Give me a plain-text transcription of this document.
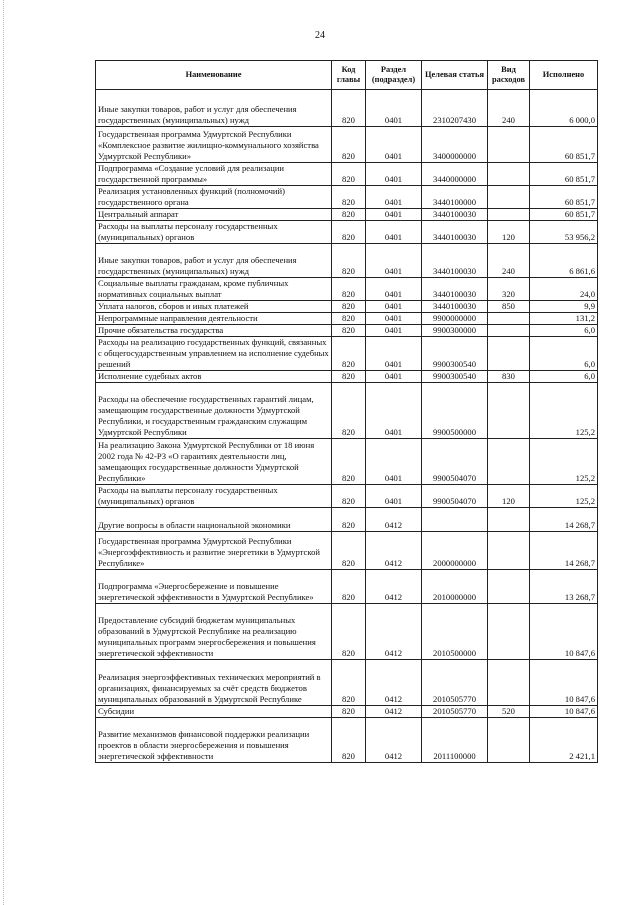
24
Наименование	Код главы	Раздел (подраздел)	Целевая статья	Вид расходов	Исполнено
Иные закупки товаров, работ и услуг для обеспечения государственных (муниципальных) нужд	820	0401	2310207430	240	6 000,0
Государственная программа Удмуртской Республики «Комплексное развитие жилищно-коммунального хозяйства Удмуртской Республики»	820	0401	3400000000		60 851,7
Подпрограмма «Создание условий для реализации государственной программы»	820	0401	3440000000		60 851,7
Реализация установленных функций (полномочий) государственного органа	820	0401	3440100000		60 851,7
Центральный аппарат	820	0401	3440100030		60 851,7
Расходы на выплаты персоналу государственных (муниципальных) органов	820	0401	3440100030	120	53 956,2
Иные закупки товаров, работ и услуг для обеспечения государственных (муниципальных) нужд	820	0401	3440100030	240	6 861,6
Социальные выплаты гражданам, кроме публичных нормативных социальных выплат	820	0401	3440100030	320	24,0
Уплата налогов, сборов и иных платежей	820	0401	3440100030	850	9,9
Непрограммные направления деятельности	820	0401	9900000000		131,2
Прочие обязательства государства	820	0401	9900300000		6,0
Расходы на реализацию государственных функций, связанных с общегосударственным управлением на исполнение судебных решений	820	0401	9900300540		6,0
Исполнение судебных актов	820	0401	9900300540	830	6,0
Расходы на обеспечение государственных гарантий лицам, замещающим государственные должности Удмуртской Республики, и государственным гражданским служащим Удмуртской Республики	820	0401	9900500000		125,2
На реализацию Закона Удмуртской Республики от 18 июня 2002 года № 42-РЗ «О гарантиях деятельности лиц, замещающих государственные должности Удмуртской Республики»	820	0401	9900504070		125,2
Расходы на выплаты персоналу государственных (муниципальных) органов	820	0401	9900504070	120	125,2
Другие вопросы в области национальной экономики	820	0412			14 268,7
Государственная программа Удмуртской Республики «Энергоэффективность и развитие энергетики в Удмуртской Республике»	820	0412	2000000000		14 268,7
Подпрограмма «Энергосбережение и повышение энергетической эффективности в Удмуртской Республике»	820	0412	2010000000		13 268,7
Предоставление субсидий бюджетам муниципальных образований в Удмуртской Республике на реализацию муниципальных программ энергосбережения и повышения энергетической эффективности	820	0412	2010500000		10 847,6
Реализация энергоэффективных технических мероприятий в организациях, финансируемых за счёт средств бюджетов муниципальных образований в Удмуртской Республике	820	0412	2010505770		10 847,6
Субсидии	820	0412	2010505770	520	10 847,6
Развитие механизмов финансовой поддержки реализации проектов в области энергосбережения и повышения энергетической эффективности	820	0412	2011100000		2 421,1
